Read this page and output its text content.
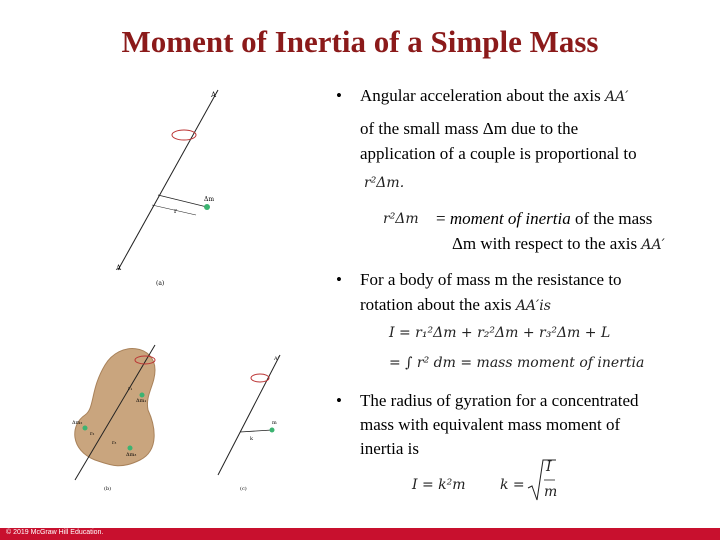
Moment of Inertia of a Simple Mass
A′
A
Δm
r
(a)
Δm₁
Δm₂
Δm₃
r₁
r₂
r₃
(b)
A′
m
k
(c)
• Angular acceleration about the axis AA′
of the small mass Δm due to the
application of a couple is proportional to
r²Δm.
r²Δm = moment of inertia of the mass
Δm with respect to the axis AA′
• For a body of mass m the resistance to
rotation about the axis AA′is
I = r₁²Δm + r₂²Δm + r₃²Δm + L
= ∫ r² dm = mass moment of inertia
• The radius of gyration for a concentrated
mass with equivalent mass moment of
inertia is
I = k²m k =
I
m
© 2019 McGraw Hill Education.
